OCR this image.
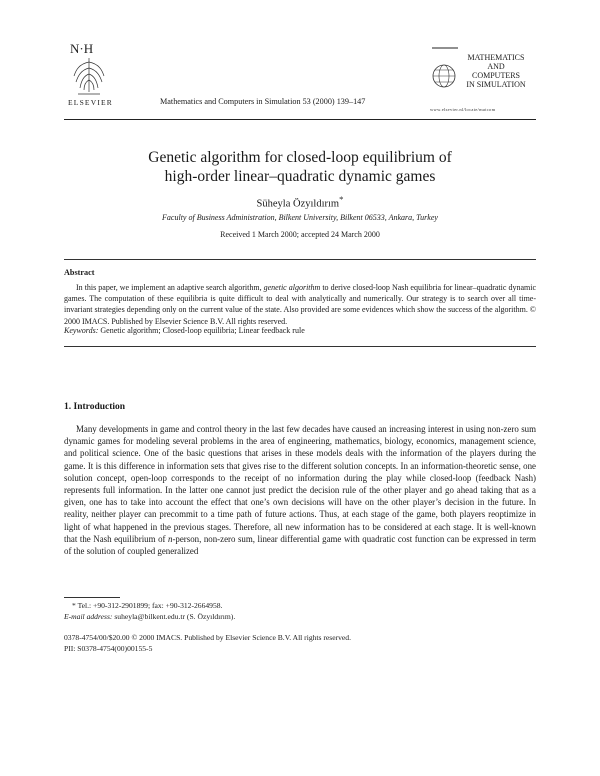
N·H
ELSEVIER	Mathematics and Computers in Simulation 53 (2000) 139–147
MATHEMATICS
AND
COMPUTERS
IN SIMULATION
www.elsevier.nl/locate/matcom
Genetic algorithm for closed-loop equilibrium of
high-order linear–quadratic dynamic games
Süheyla Özyıldırım*
Faculty of Business Administration, Bilkent University, Bilkent 06533, Ankara, Turkey
Received 1 March 2000; accepted 24 March 2000
Abstract
In this paper, we implement an adaptive search algorithm, genetic algorithm to derive closed-loop Nash equilibria for linear–quadratic dynamic games. The computation of these equilibria is quite difficult to deal with analytically and numerically. Our strategy is to search over all time-invariant strategies depending only on the current value of the state. Also provided are some evidences which show the success of the algorithm. © 2000 IMACS. Published by Elsevier Science B.V. All rights reserved.
Keywords: Genetic algorithm; Closed-loop equilibria; Linear feedback rule
1. Introduction
Many developments in game and control theory in the last few decades have caused an increasing interest in using non-zero sum dynamic games for modeling several problems in the area of engineering, mathematics, biology, economics, management science, and political science. One of the basic questions that arises in these models deals with the information of the players during the game. It is this difference in information sets that gives rise to the different solution concepts. In an information-theoretic sense, one solution concept, open-loop corresponds to the receipt of no information during the play while closed-loop (feedback Nash) represents full information. In the latter one cannot just predict the decision rule of the other player and go ahead taking that as a given, one has to take into account the effect that one’s own decisions will have on the other player’s decision in the future. In reality, neither player can precommit to a time path of future actions. Thus, at each stage of the game, both players reoptimize in light of what happened in the previous stages. Therefore, all new information has to be considered at each stage. It is well-known that the Nash equilibrium of n-person, non-zero sum, linear differential game with quadratic cost function can be expressed in term of the solution of coupled generalized
* Tel.: +90-312-2901899; fax: +90-312-2664958.
E-mail address: suheyla@bilkent.edu.tr (S. Özyıldırım).
0378-4754/00/$20.00 © 2000 IMACS. Published by Elsevier Science B.V. All rights reserved.
PII: S0378-4754(00)00155-5
